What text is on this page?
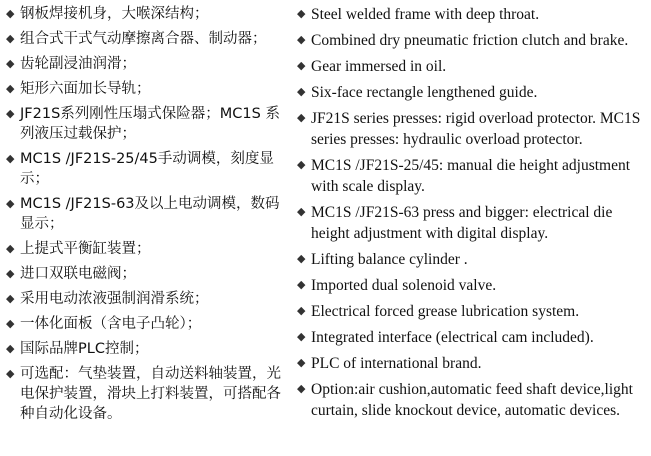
◆ 钢板焊接机身，大喉深结构；
◆ 组合式干式气动摩擦离合器、制动器；
◆ 齿轮副浸油润滑；
◆ 矩形六面加长导轨；
◆ JF21S系列刚性压塌式保险器；MC1S 系列液压过载保护；
◆ MC1S /JF21S-25/45手动调模，刻度显示；
◆ MC1S /JF21S-63及以上电动调模，数码显示；
◆ 上提式平衡缸装置；
◆ 进口双联电磁阀；
◆ 采用电动浓液强制润滑系统；
◆ 一体化面板（含电子凸轮）；
◆ 国际品牌PLC控制；
◆ 可选配：气垫装置，自动送料轴装置，光电保护装置，滑块上打料装置，可搭配各种自动化设备。
◆ Steel welded frame with deep throat.
◆ Combined dry pneumatic friction clutch and brake.
◆ Gear immersed in oil.
◆ Six-face rectangle lengthened guide.
◆ JF21S series presses: rigid overload protector. MC1S series presses: hydraulic overload protector.
◆ MC1S /JF21S-25/45: manual die height adjustment with scale display.
◆ MC1S /JF21S-63 press and bigger: electrical die height adjustment with digital display.
◆ Lifting balance cylinder .
◆ Imported dual solenoid valve.
◆ Electrical forced grease lubrication system.
◆ Integrated interface (electrical cam included).
◆ PLC of international brand.
◆ Option:air cushion,automatic feed shaft device,light curtain, slide knockout device, automatic devices.
